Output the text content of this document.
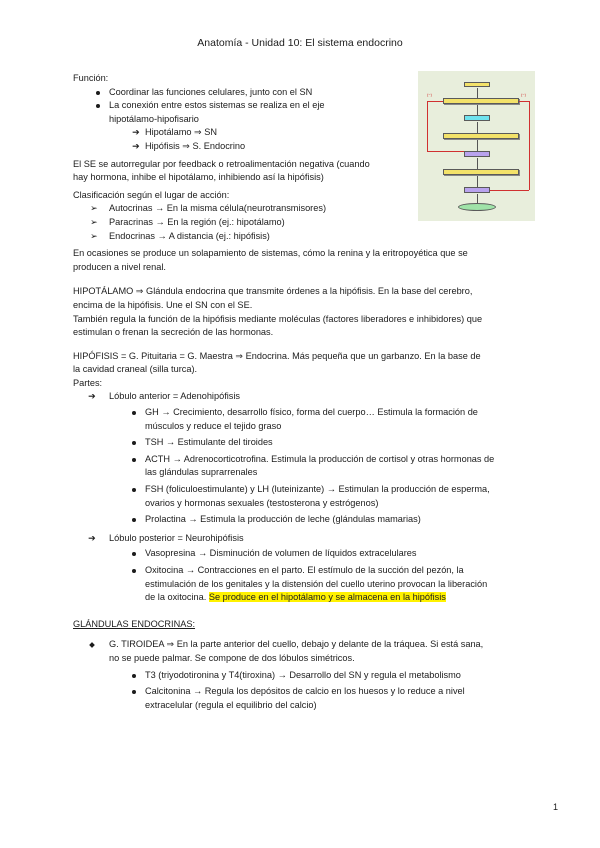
Anatomía - Unidad 10: El sistema endocrino
(−)	(−)
Función:
Coordinar las funciones celulares, junto con el SN
La conexión entre estos sistemas se realiza en el eje
hipotálamo-hipofisario
➔ Hipotálamo ⇒ SN
➔ Hipófisis ⇒ S. Endocrino
El SE se autorregular por feedback o retroalimentación negativa (cuando
hay hormona, inhibe el hipotálamo, inhibiendo así la hipófisis)
Clasificación según el lugar de acción:
➢	Autocrinas → En la misma célula(neurotransmisores)
➢	Paracrinas → En la región (ej.: hipotálamo)
➢	Endocrinas → A distancia (ej.: hipófisis)
En ocasiones se produce un solapamiento de sistemas, cómo la renina y la eritropoyética que se
producen a nivel renal.
HIPOTÁLAMO ⇒ Glándula endocrina que transmite órdenes a la hipófisis. En la base del cerebro,
encima de la hipófisis. Une el SN con el SE.
También regula la función de la hipófisis mediante moléculas (factores liberadores e inhibidores) que
estimulan o frenan la secreción de las hormonas.
HIPÓFISIS = G. Pituitaria = G. Maestra ⇒ Endocrina. Más pequeña que un garbanzo. En la base de
la cavidad craneal (silla turca).
Partes:
➔	Lóbulo anterior = Adenohipófisis
GH → Crecimiento, desarrollo físico, forma del cuerpo… Estimula la formación de
músculos y reduce el tejido graso
TSH → Estimulante del tiroides
ACTH → Adrenocorticotrofina. Estimula la producción de cortisol y otras hormonas de
las glándulas suprarrenales
FSH (foliculoestimulante) y LH (luteinizante) → Estimulan la producción de esperma,
ovarios y hormonas sexuales (testosterona y estrógenos)
Prolactina → Estimula la producción de leche (glándulas mamarias)
➔	Lóbulo posterior = Neurohipófisis
Vasopresina → Disminución de volumen de líquidos extracelulares
Oxitocina → Contracciones en el parto. El estímulo de la succión del pezón, la
estimulación de los genitales y la distensión del cuello uterino provocan la liberación
de la oxitocina. Se produce en el hipotálamo y se almacena en la hipófisis
GLÁNDULAS ENDOCRINAS:
G. TIROIDEA ⇒ En la parte anterior del cuello, debajo y delante de la tráquea. Si está sana,
no se puede palmar. Se compone de dos lóbulos simétricos.
T3 (triyodotironina y T4(tiroxina) → Desarrollo del SN y regula el metabolismo
Calcitonina → Regula los depósitos de calcio en los huesos y lo reduce a nivel
extracelular (regula el equilibrio del calcio)
1
